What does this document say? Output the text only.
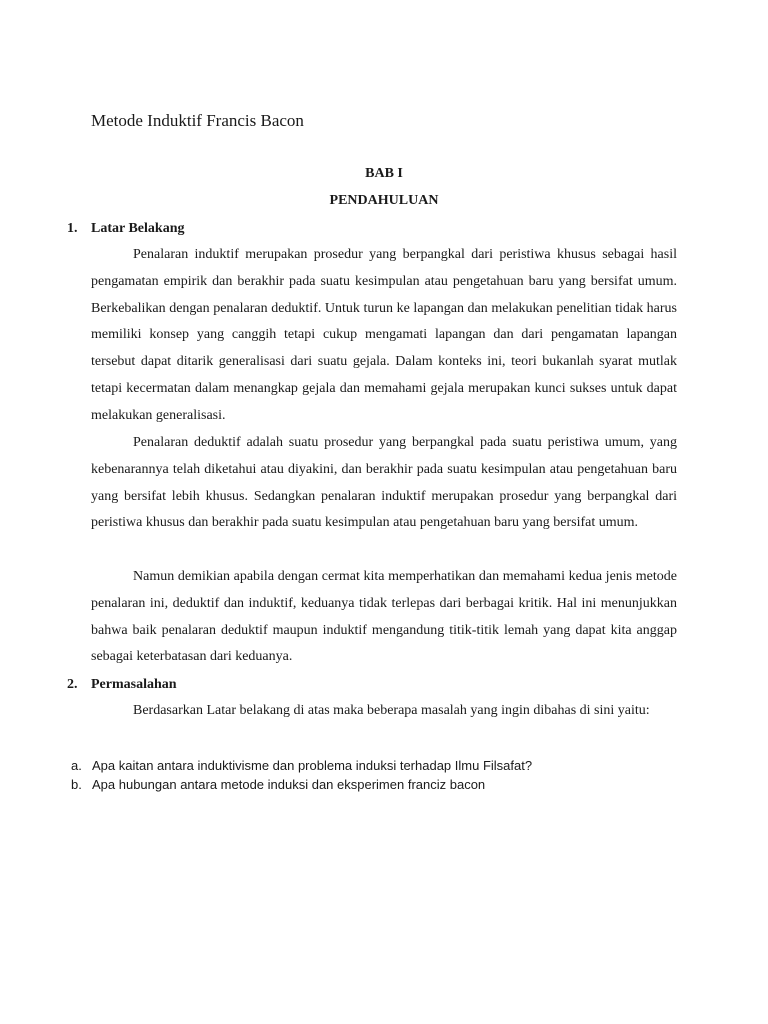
Metode Induktif Francis Bacon
BAB I
PENDAHULUAN
1. Latar Belakang

Penalaran induktif merupakan prosedur yang berpangkal dari peristiwa khusus sebagai hasil pengamatan empirik dan berakhir pada suatu kesimpulan atau pengetahuan baru yang bersifat umum. Berkebalikan dengan penalaran deduktif. Untuk turun ke lapangan dan melakukan penelitian tidak harus memiliki konsep yang canggih tetapi cukup mengamati lapangan dan dari pengamatan lapangan tersebut dapat ditarik generalisasi dari suatu gejala. Dalam konteks ini, teori bukanlah syarat mutlak tetapi kecermatan dalam menangkap gejala dan memahami gejala merupakan kunci sukses untuk dapat melakukan generalisasi.

Penalaran deduktif adalah suatu prosedur yang berpangkal pada suatu peristiwa umum, yang kebenarannya telah diketahui atau diyakini, dan berakhir pada suatu kesimpulan atau pengetahuan baru yang bersifat lebih khusus. Sedangkan penalaran induktif merupakan prosedur yang berpangkal dari peristiwa khusus dan berakhir pada suatu kesimpulan atau pengetahuan baru yang bersifat umum.

Namun demikian apabila dengan cermat kita memperhatikan dan memahami kedua jenis metode penalaran ini, deduktif dan induktif, keduanya tidak terlepas dari berbagai kritik. Hal ini menunjukkan bahwa baik penalaran deduktif maupun induktif mengandung titik-titik lemah yang dapat kita anggap sebagai keterbatasan dari keduanya.

2. Permasalahan

Berdasarkan Latar belakang di atas maka beberapa masalah yang ingin dibahas di sini yaitu:

a. Apa kaitan antara induktivisme dan problema induksi terhadap Ilmu Filsafat?
b. Apa hubungan antara metode induksi dan eksperimen franciz bacon
